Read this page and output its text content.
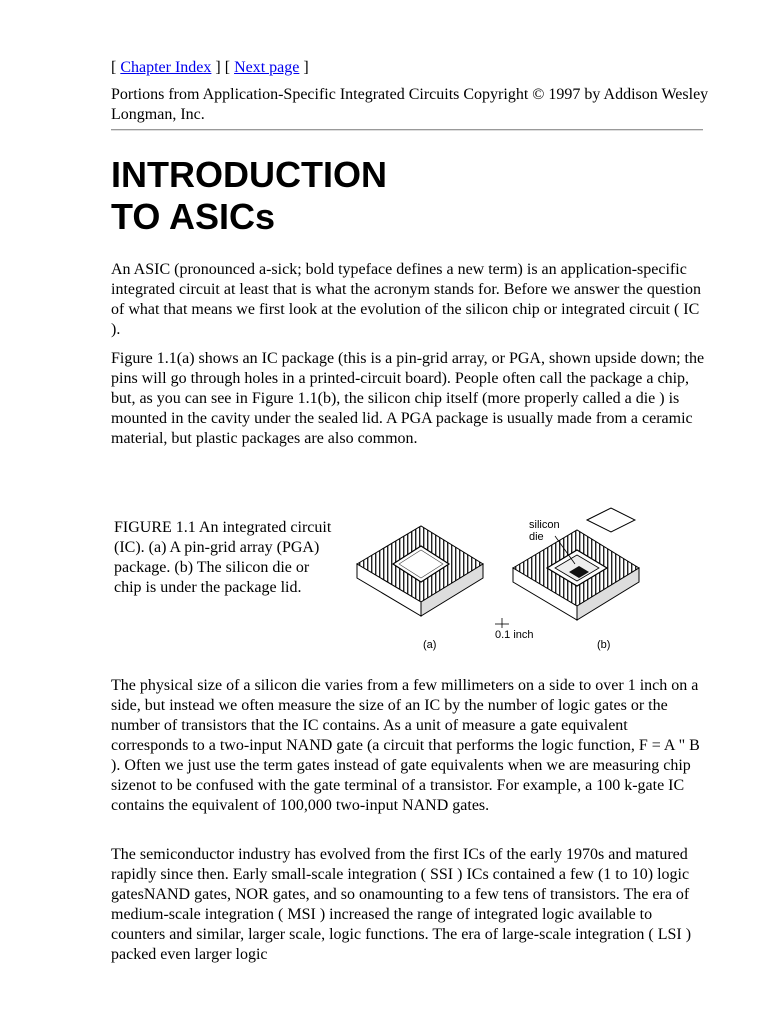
[ Chapter Index ] [ Next page ]
Portions from Application-Specific Integrated Circuits Copyright © 1997 by Addison Wesley Longman, Inc.
INTRODUCTION
TO ASICs

An ASIC (pronounced a-sick; bold typeface defines a new term) is an application-specific integrated circuit at least that is what the acronym stands for. Before we answer the question of what that means we first look at the evolution of the silicon chip or integrated circuit ( IC ).

Figure 1.1(a) shows an IC package (this is a pin-grid array, or PGA, shown upside down; the pins will go through holes in a printed-circuit board). People often call the package a chip, but, as you can see in Figure 1.1(b), the silicon chip itself (more properly called a die ) is mounted in the cavity under the sealed lid. A PGA package is usually made from a ceramic material, but plastic packages are also common.

FIGURE 1.1 An integrated circuit (IC). (a) A pin-grid array (PGA) package. (b) The silicon die or chip is under the package lid.

silicon
die
(a)
0.1 inch
(b)

The physical size of a silicon die varies from a few millimeters on a side to over 1 inch on a side, but instead we often measure the size of an IC by the number of logic gates or the number of transistors that the IC contains. As a unit of measure a gate equivalent corresponds to a two-input NAND gate (a circuit that performs the logic function, F = A " B ). Often we just use the term gates instead of gate equivalents when we are measuring chip sizenot to be confused with the gate terminal of a transistor. For example, a 100 k-gate IC contains the equivalent of 100,000 two-input NAND gates.

The semiconductor industry has evolved from the first ICs of the early 1970s and matured rapidly since then. Early small-scale integration ( SSI ) ICs contained a few (1 to 10) logic gatesNAND gates, NOR gates, and so onamounting to a few tens of transistors. The era of medium-scale integration ( MSI ) increased the range of integrated logic available to counters and similar, larger scale, logic functions. The era of large-scale integration ( LSI ) packed even larger logic
